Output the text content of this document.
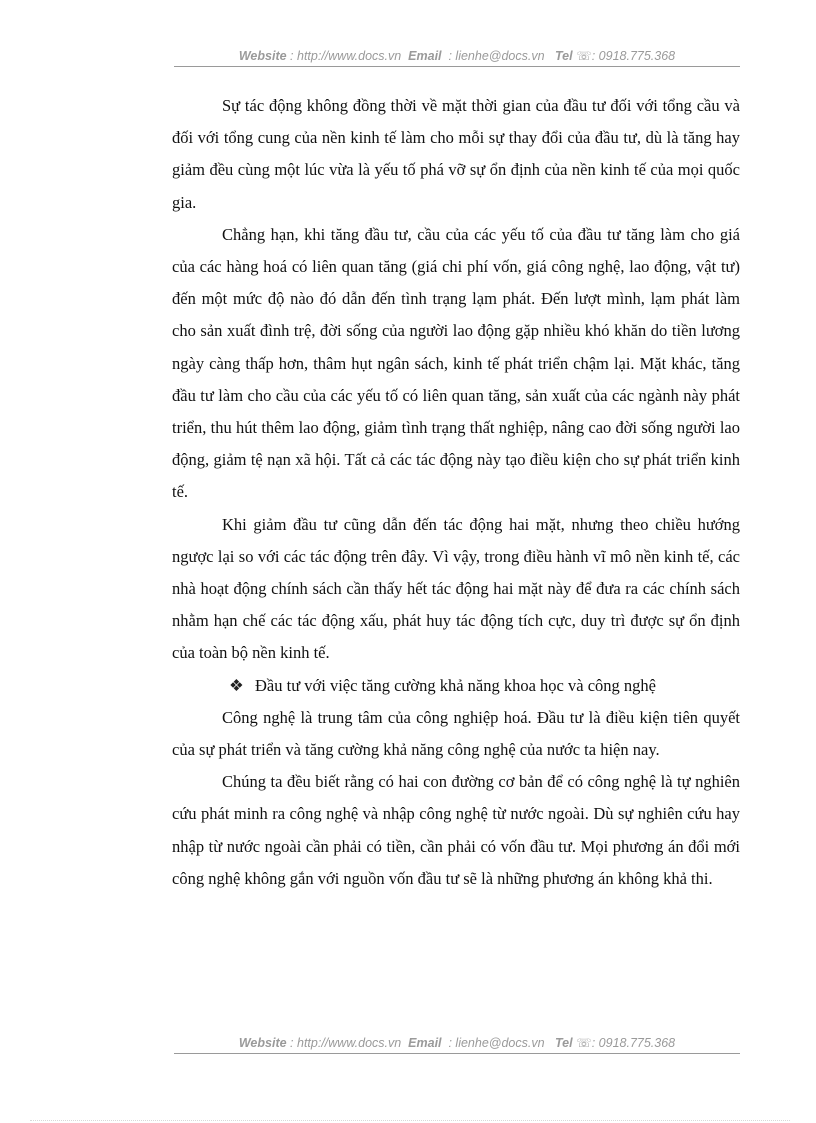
Website : http://www.docs.vn Email : lienhe@docs.vn Tel ☏: 0918.775.368

Sự tác động không đồng thời về mặt thời gian của đầu tư đối với tổng cầu và đối với tổng cung của nền kinh tế làm cho mỗi sự thay đổi của đầu tư, dù là tăng hay giảm đều cùng một lúc vừa là yếu tố phá vỡ sự ổn định của nền kinh tế của mọi quốc gia.

Chẳng hạn, khi tăng đầu tư, cầu của các yếu tố của đầu tư tăng làm cho giá của các hàng hoá có liên quan tăng (giá chi phí vốn, giá công nghệ, lao động, vật tư) đến một mức độ nào đó dẫn đến tình trạng lạm phát. Đến lượt mình, lạm phát làm cho sản xuất đình trệ, đời sống của người lao động gặp nhiều khó khăn do tiền lương ngày càng thấp hơn, thâm hụt ngân sách, kinh tế phát triển chậm lại. Mặt khác, tăng đầu tư làm cho cầu của các yếu tố có liên quan tăng, sản xuất của các ngành này phát triển, thu hút thêm lao động, giảm tình trạng thất nghiệp, nâng cao đời sống người lao động, giảm tệ nạn xã hội. Tất cả các tác động này tạo điều kiện cho sự phát triển kinh tế.

Khi giảm đầu tư cũng dẫn đến tác động hai mặt, nhưng theo chiều hướng ngược lại so với các tác động trên đây. Vì vậy, trong điều hành vĩ mô nền kinh tế, các nhà hoạt động chính sách cần thấy hết tác động hai mặt này để đưa ra các chính sách nhằm hạn chế các tác động xấu, phát huy tác động tích cực, duy trì được sự ổn định của toàn bộ nền kinh tế.

❖ Đầu tư với việc tăng cường khả năng khoa học và công nghệ

Công nghệ là trung tâm của công nghiệp hoá. Đầu tư là điều kiện tiên quyết của sự phát triển và tăng cường khả năng công nghệ của nước ta hiện nay.

Chúng ta đều biết rằng có hai con đường cơ bản để có công nghệ là tự nghiên cứu phát minh ra công nghệ và nhập công nghệ từ nước ngoài. Dù sự nghiên cứu hay nhập từ nước ngoài cần phải có tiền, cần phải có vốn đầu tư. Mọi phương án đổi mới công nghệ không gắn với nguồn vốn đầu tư sẽ là những phương án không khả thi.

Website : http://www.docs.vn Email : lienhe@docs.vn Tel ☏: 0918.775.368
